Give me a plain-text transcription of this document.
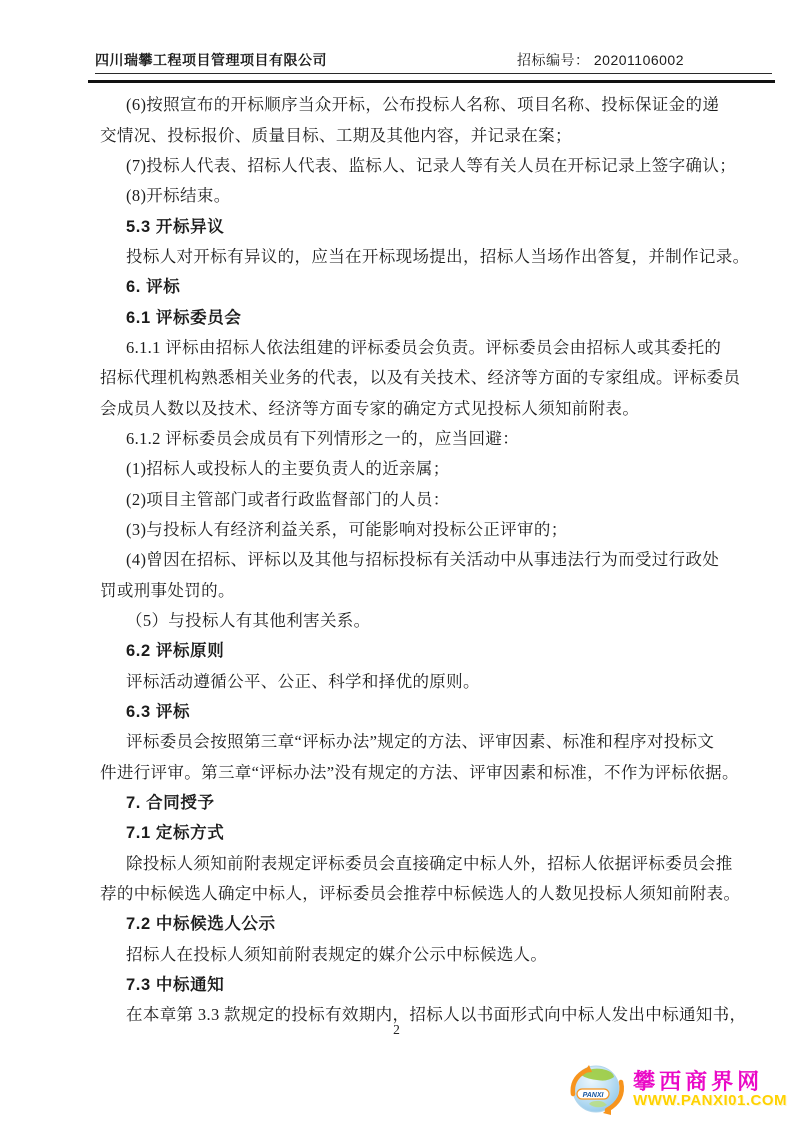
四川瑞攀工程项目管理项目有限公司	招标编号： 20201106002
(6)按照宣布的开标顺序当众开标，公布投标人名称、项目名称、投标保证金的递
交情况、投标报价、质量目标、工期及其他内容，并记录在案；
(7)投标人代表、招标人代表、监标人、记录人等有关人员在开标记录上签字确认；
(8)开标结束。
5.3 开标异议
投标人对开标有异议的，应当在开标现场提出，招标人当场作出答复，并制作记录。
6. 评标
6.1 评标委员会
6.1.1 评标由招标人依法组建的评标委员会负责。评标委员会由招标人或其委托的
招标代理机构熟悉相关业务的代表，以及有关技术、经济等方面的专家组成。评标委员
会成员人数以及技术、经济等方面专家的确定方式见投标人须知前附表。
6.1.2 评标委员会成员有下列情形之一的，应当回避：
(1)招标人或投标人的主要负责人的近亲属；
(2)项目主管部门或者行政监督部门的人员：
(3)与投标人有经济利益关系，可能影响对投标公正评审的；
(4)曾因在招标、评标以及其他与招标投标有关活动中从事违法行为而受过行政处
罚或刑事处罚的。
（5）与投标人有其他利害关系。
6.2 评标原则
评标活动遵循公平、公正、科学和择优的原则。
6.3 评标
评标委员会按照第三章“评标办法”规定的方法、评审因素、标准和程序对投标文
件进行评审。第三章“评标办法”没有规定的方法、评审因素和标准，不作为评标依据。
7. 合同授予
7.1 定标方式
除投标人须知前附表规定评标委员会直接确定中标人外，招标人依据评标委员会推
荐的中标候选人确定中标人，评标委员会推荐中标候选人的人数见投标人须知前附表。
7.2 中标候选人公示
招标人在投标人须知前附表规定的媒介公示中标候选人。
7.3 中标通知
在本章第 3.3 款规定的投标有效期内，招标人以书面形式向中标人发出中标通知书，
2
PANXI
攀西商界网
WWW.PANXI01.COM
